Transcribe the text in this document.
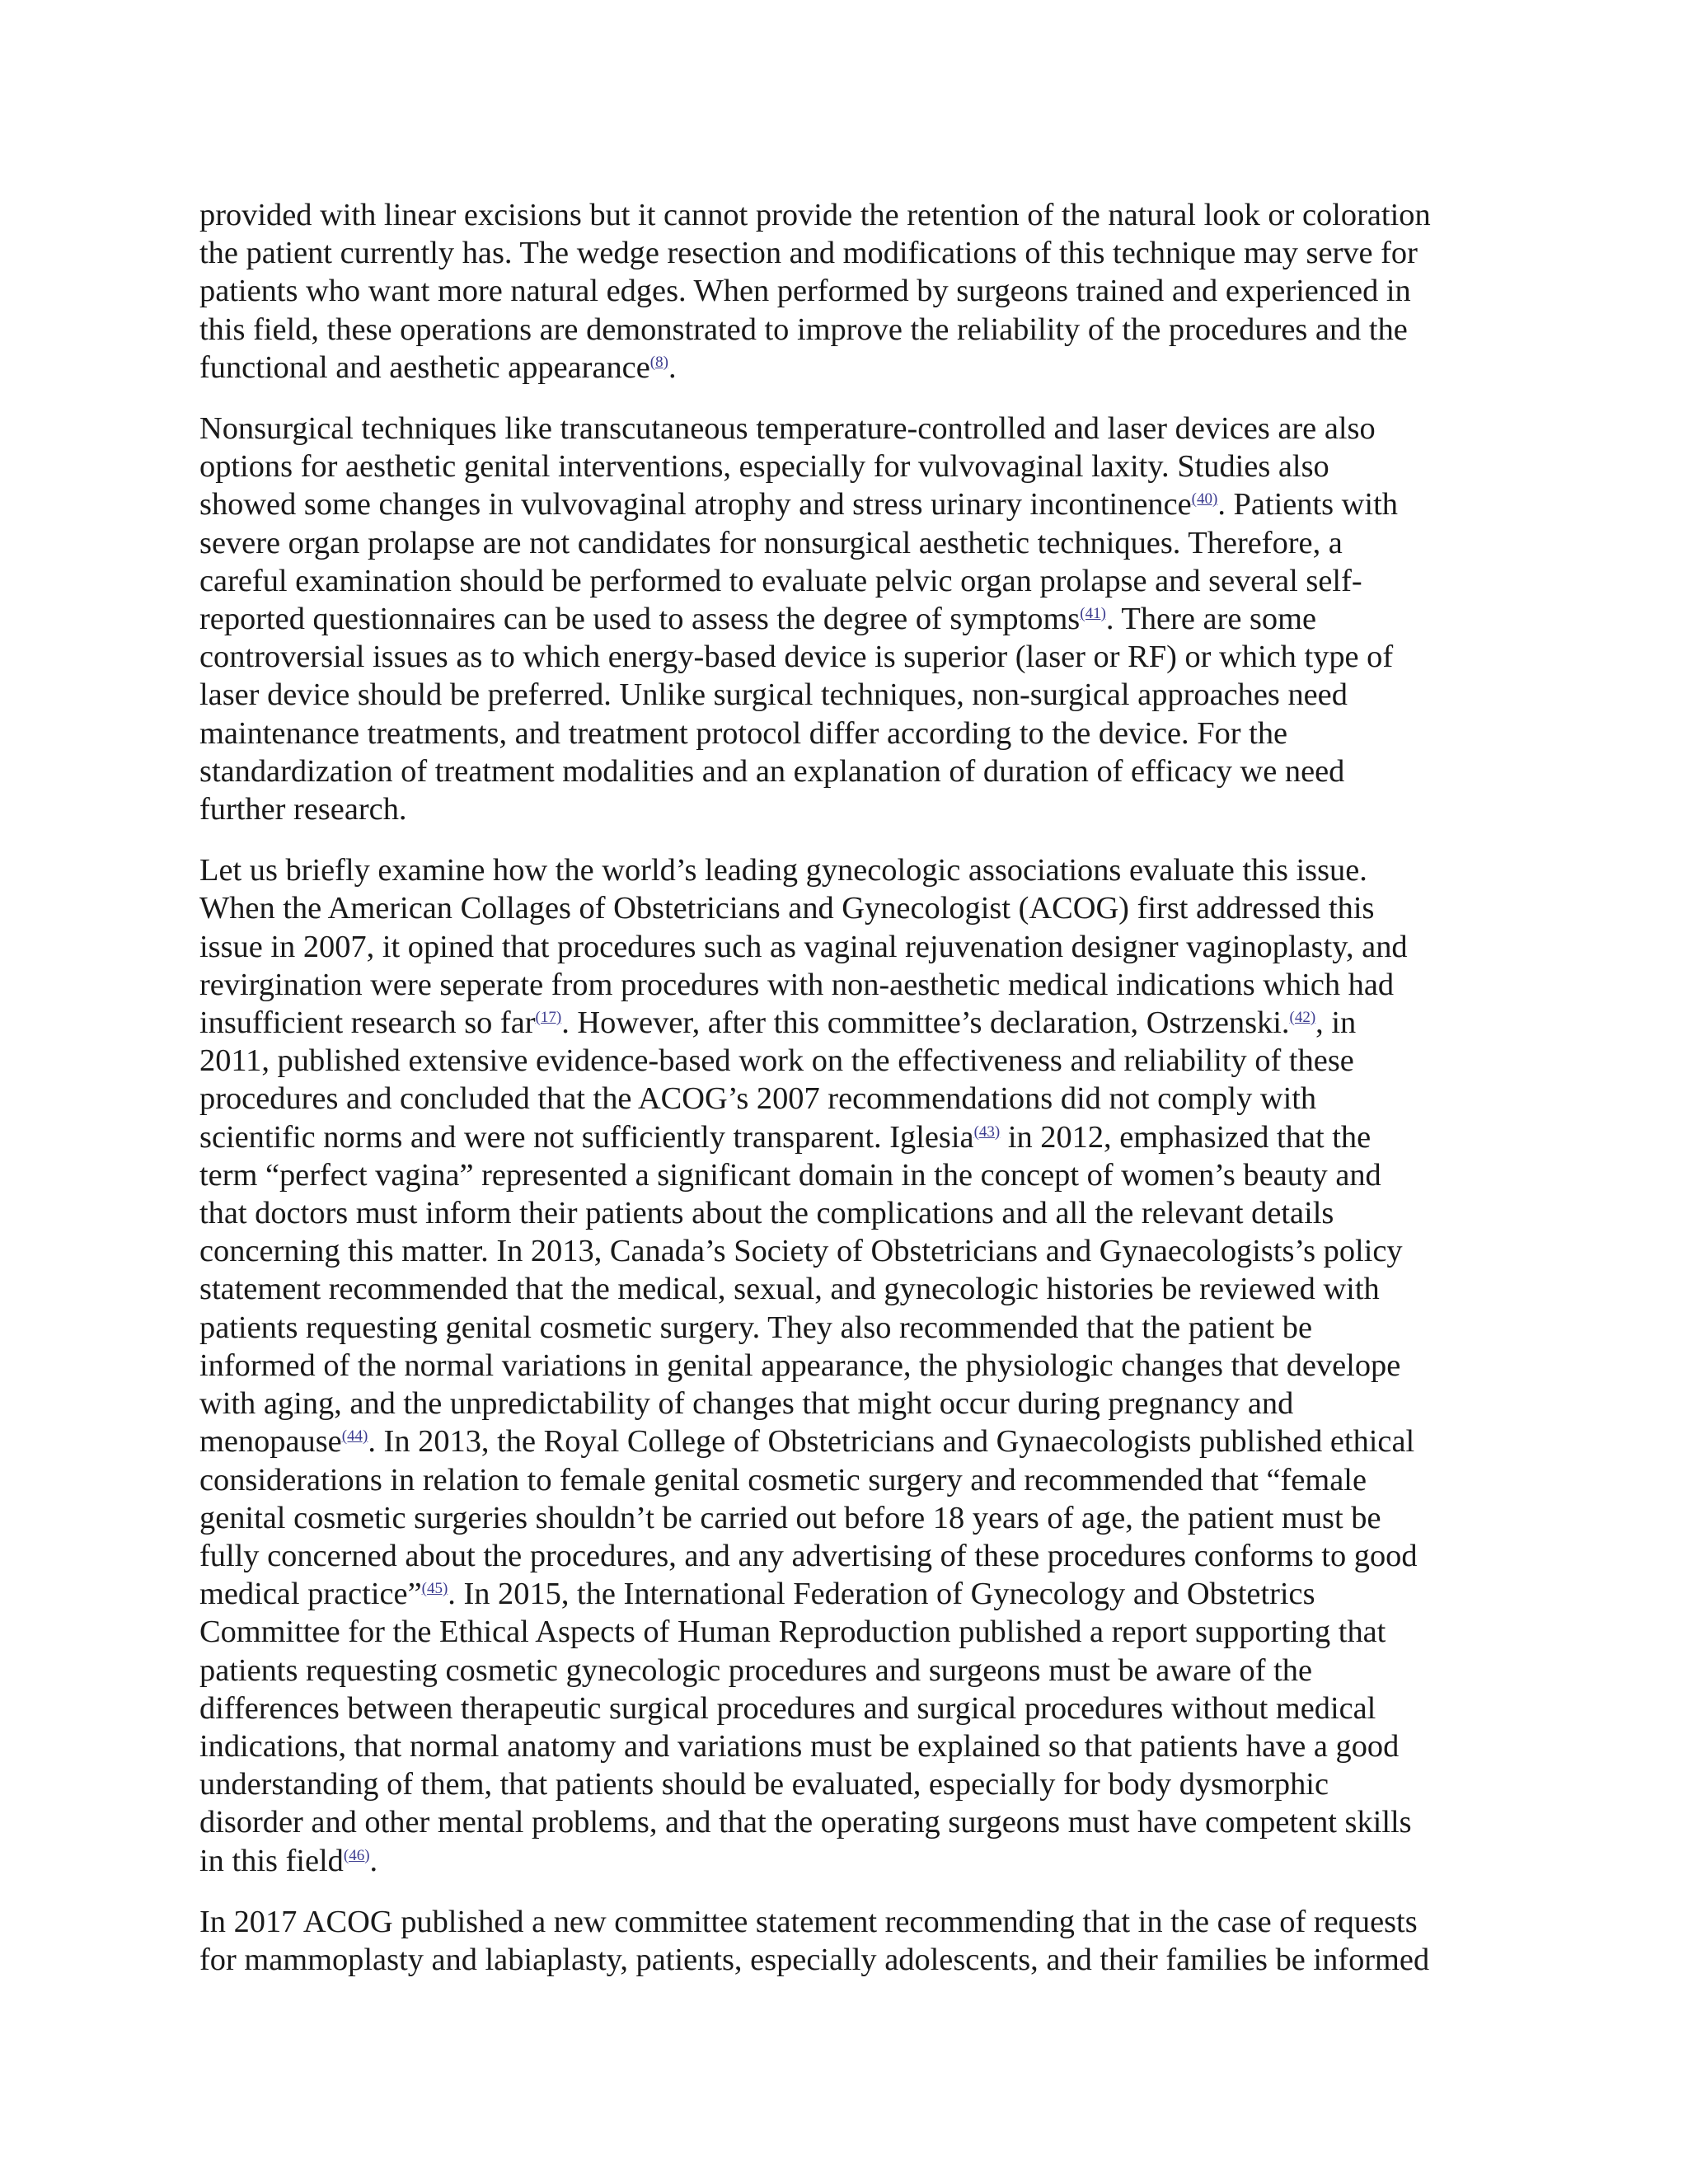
provided with linear excisions but it cannot provide the retention of the natural look or coloration
the patient currently has. The wedge resection and modifications of this technique may serve for
patients who want more natural edges. When performed by surgeons trained and experienced in
this field, these operations are demonstrated to improve the reliability of the procedures and the
functional and aesthetic appearance$^{(8)}$.
Nonsurgical techniques like transcutaneous temperature-controlled and laser devices are also
options for aesthetic genital interventions, especially for vulvovaginal laxity. Studies also
showed some changes in vulvovaginal atrophy and stress urinary incontinence$^{(40)}$. Patients with
severe organ prolapse are not candidates for nonsurgical aesthetic techniques. Therefore, a
careful examination should be performed to evaluate pelvic organ prolapse and several self-
reported questionnaires can be used to assess the degree of symptoms$^{(41)}$. There are some
controversial issues as to which energy-based device is superior (laser or RF) or which type of
laser device should be preferred. Unlike surgical techniques, non-surgical approaches need
maintenance treatments, and treatment protocol differ according to the device. For the
standardization of treatment modalities and an explanation of duration of efficacy we need
further research.
Let us briefly examine how the world’s leading gynecologic associations evaluate this issue.
When the American Collages of Obstetricians and Gynecologist (ACOG) first addressed this
issue in 2007, it opined that procedures such as vaginal rejuvenation designer vaginoplasty, and
revirgination were seperate from procedures with non-aesthetic medical indications which had
insufficient research so far$^{(17)}$. However, after this committee’s declaration, Ostrzenski.$^{(42)}$, in
2011, published extensive evidence-based work on the effectiveness and reliability of these
procedures and concluded that the ACOG’s 2007 recommendations did not comply with
scientific norms and were not sufficiently transparent. Iglesia$^{(43)}$ in 2012, emphasized that the
term “perfect vagina” represented a significant domain in the concept of women’s beauty and
that doctors must inform their patients about the complications and all the relevant details
concerning this matter. In 2013, Canada’s Society of Obstetricians and Gynaecologists’s policy
statement recommended that the medical, sexual, and gynecologic histories be reviewed with
patients requesting genital cosmetic surgery. They also recommended that the patient be
informed of the normal variations in genital appearance, the physiologic changes that develope
with aging, and the unpredictability of changes that might occur during pregnancy and
menopause$^{(44)}$. In 2013, the Royal College of Obstetricians and Gynaecologists published ethical
considerations in relation to female genital cosmetic surgery and recommended that “female
genital cosmetic surgeries shouldn’t be carried out before 18 years of age, the patient must be
fully concerned about the procedures, and any advertising of these procedures conforms to good
medical practice”$^{(45)}$. In 2015, the International Federation of Gynecology and Obstetrics
Committee for the Ethical Aspects of Human Reproduction published a report supporting that
patients requesting cosmetic gynecologic procedures and surgeons must be aware of the
differences between therapeutic surgical procedures and surgical procedures without medical
indications, that normal anatomy and variations must be explained so that patients have a good
understanding of them, that patients should be evaluated, especially for body dysmorphic
disorder and other mental problems, and that the operating surgeons must have competent skills
in this field$^{(46)}$.
In 2017 ACOG published a new committee statement recommending that in the case of requests
for mammoplasty and labiaplasty, patients, especially adolescents, and their families be informed
